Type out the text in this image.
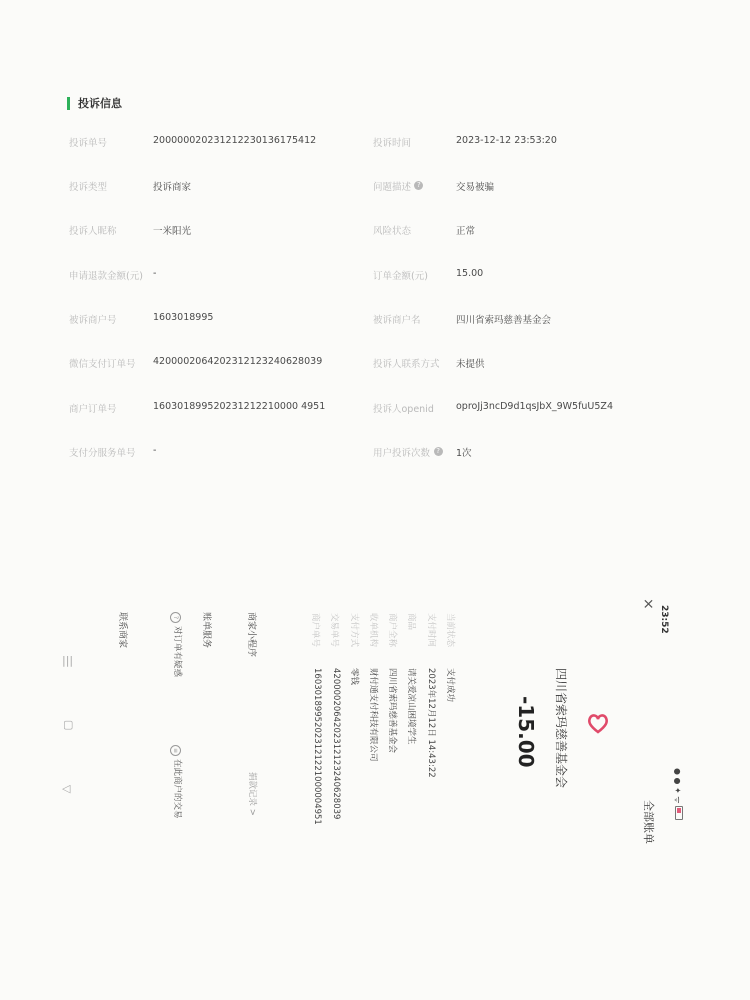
投诉信息
投诉单号	200000020231212230136175412	投诉时间	2023-12-12 23:53:20
投诉类型	投诉商家	问题描述 ?	交易被骗
投诉人昵称	一米阳光	风险状态	正常
申请退款金额(元) -	订单金额(元)	15.00
被诉商户号	1603018995	被诉商户名	四川省索玛慈善基金会
微信支付订单号 4200002064202312123240628039	投诉人联系方式 未提供
商户订单号	160301899520231212210000 4951	投诉人openid oproJj3ncD9d1qsJbX_9W5fuU5Z4
支付分服务单号 -	用户投诉次数 ? 1次
23:52
×
● ● ✦ ᯤ
全部账单
四川省索玛慈善基金会
-15.00
当前状态
支付成功
支付时间
2023年12月12日 14:43:22
商品
请关爱凉山困境学生
商户全称
四川省索玛慈善基金会
收单机构
财付通支付科技有限公司
支付方式
零钱
交易单号
4200002064202312123240628039
商户单号
16030189952023121221000004951
商家小程序
捐款记录 >
账单服务
?对订单有疑惑
≡在此商户的交易
联系商家
|||
▢
◁
